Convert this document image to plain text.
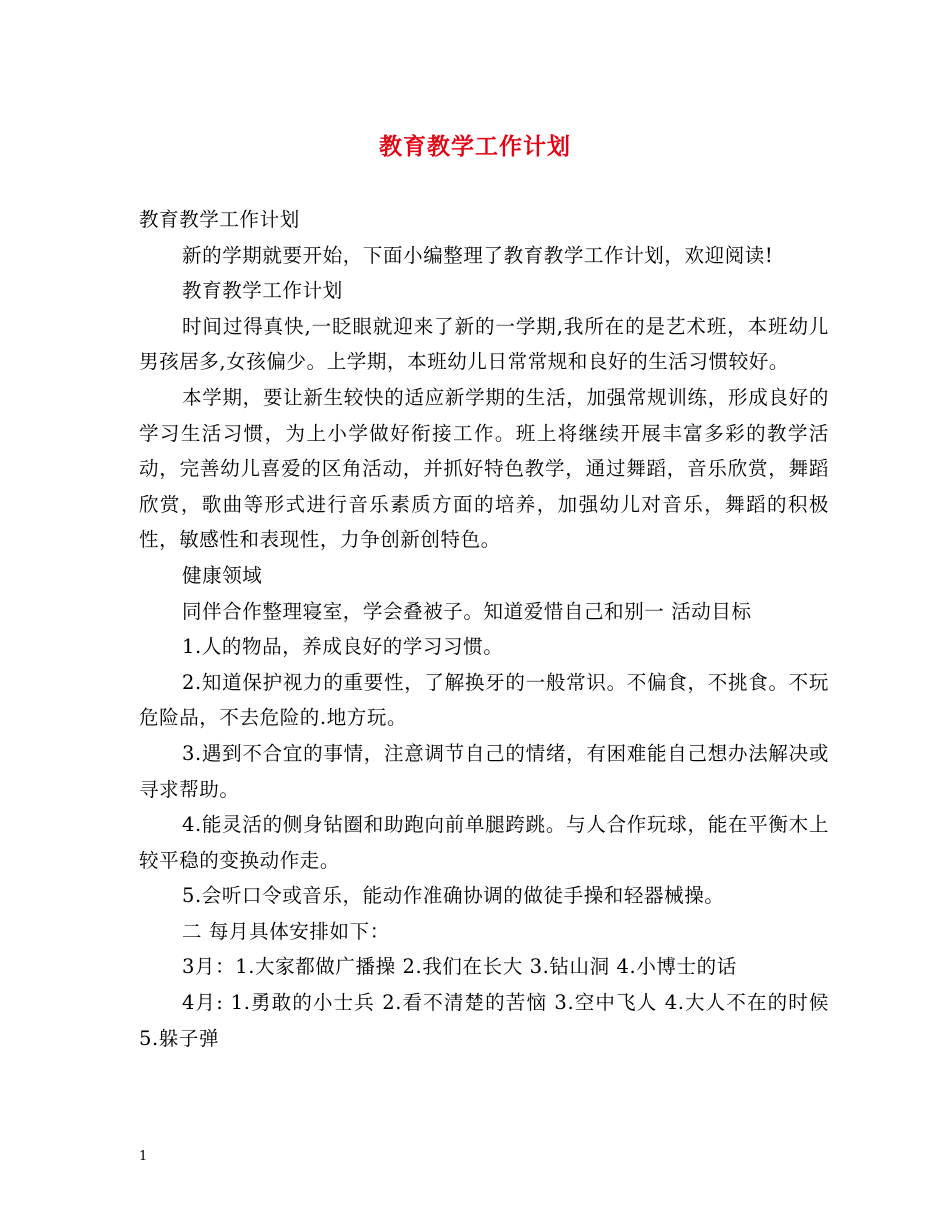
教育教学工作计划

教育教学工作计划

新的学期就要开始，下面小编整理了教育教学工作计划，欢迎阅读!

教育教学工作计划

时间过得真快,一眨眼就迎来了新的一学期,我所在的是艺术班，本班幼儿男孩居多,女孩偏少。上学期，本班幼儿日常常规和良好的生活习惯较好。

本学期，要让新生较快的适应新学期的生活，加强常规训练，形成良好的学习生活习惯，为上小学做好衔接工作。班上将继续开展丰富多彩的教学活动，完善幼儿喜爱的区角活动，并抓好特色教学，通过舞蹈，音乐欣赏，舞蹈欣赏，歌曲等形式进行音乐素质方面的培养，加强幼儿对音乐，舞蹈的积极性，敏感性和表现性，力争创新创特色。

健康领域

同伴合作整理寝室，学会叠被子。知道爱惜自己和别一 活动目标

1.人的物品，养成良好的学习习惯。

2.知道保护视力的重要性，了解换牙的一般常识。不偏食，不挑食。不玩危险品，不去危险的.地方玩。

3.遇到不合宜的事情，注意调节自己的情绪，有困难能自己想办法解决或寻求帮助。

4.能灵活的侧身钻圈和助跑向前单腿跨跳。与人合作玩球，能在平衡木上较平稳的变换动作走。

5.会听口令或音乐，能动作准确协调的做徒手操和轻器械操。

二 每月具体安排如下：

3月：1.大家都做广播操 2.我们在长大 3.钻山洞 4.小博士的话

4月: 1.勇敢的小士兵 2.看不清楚的苦恼 3.空中飞人 4.大人不在的时候 5.躲子弹

1
